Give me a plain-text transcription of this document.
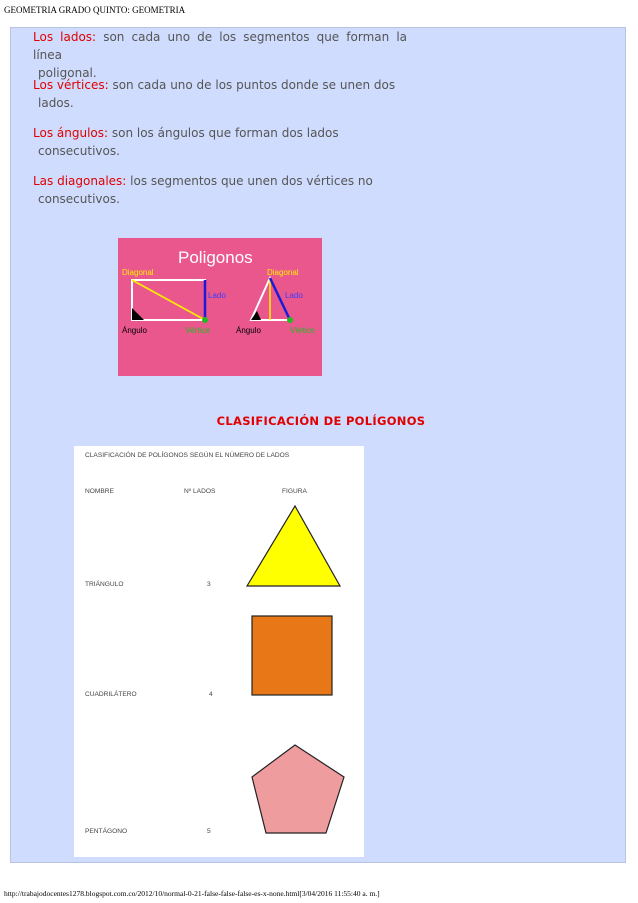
GEOMETRIA GRADO QUINTO: GEOMETRIA
Los lados: son cada uno de los segmentos que forman la línea
poligonal.
Los vértices: son cada uno de los puntos donde se unen dos
lados.
Los ángulos: son los ángulos que forman dos lados
consecutivos.
Las diagonales: los segmentos que unen dos vértices no
consecutivos.
Poligonos
Diagonal
Lado
Ángulo	Vértice
Diagonal
Lado
Ángulo	Vértice
CLASIFICACIÓN DE POLÍGONOS
CLASIFICACIÓN DE POLÍGONOS SEGÚN EL NÚMERO DE LADOS
NOMBRE	Nº LADOS	FIGURA
TRIÁNGULO	3
CUADRILÁTERO	4
PENTÁGONO	5
http://trabajodocentes1278.blogspot.com.co/2012/10/normal-0-21-false-false-false-es-x-none.html[3/04/2016 11:55:40 a. m.]
